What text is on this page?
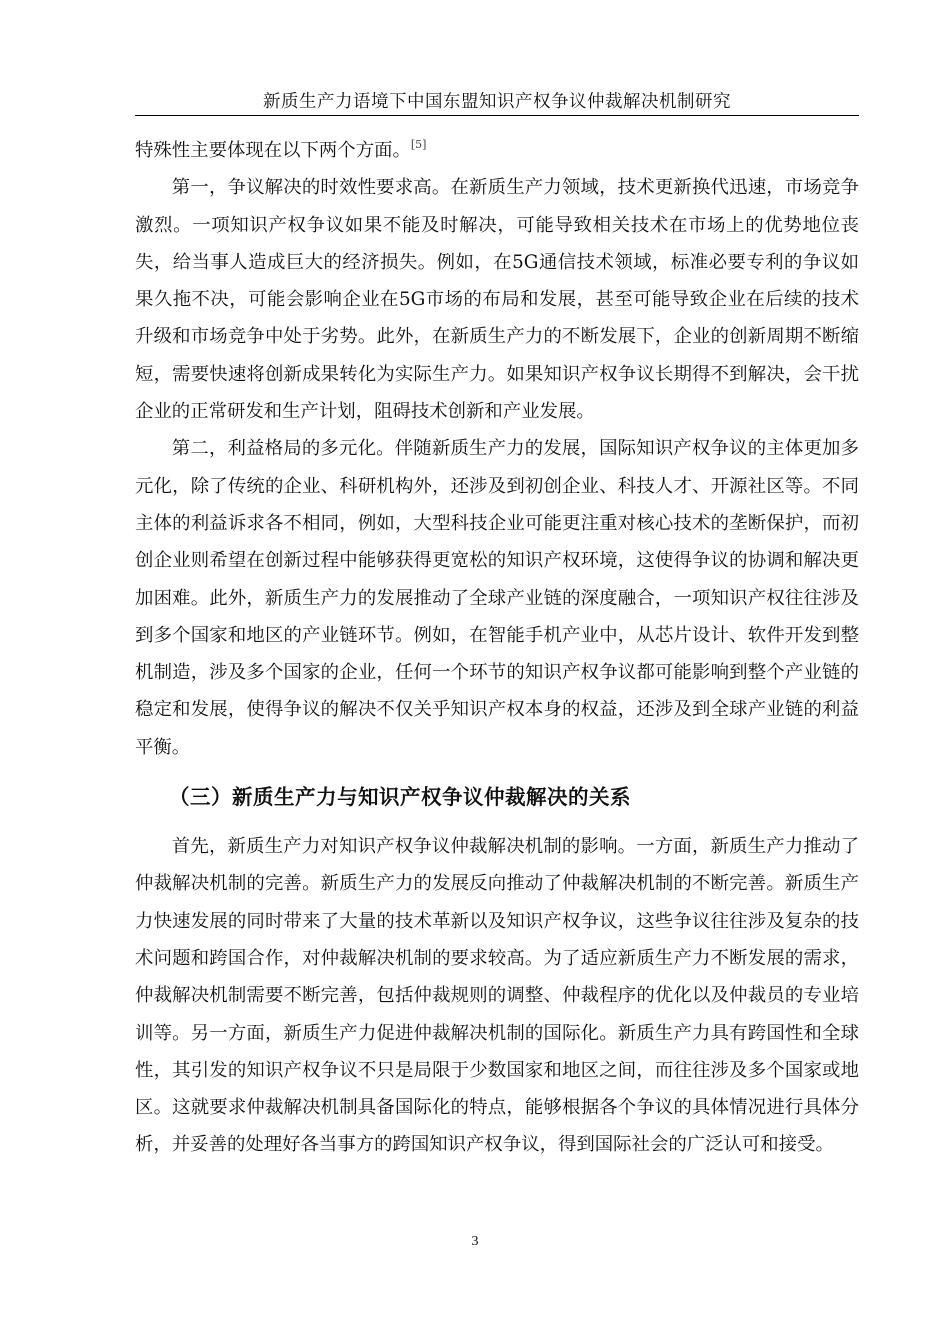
新质生产力语境下中国东盟知识产权争议仲裁解决机制研究

特殊性主要体现在以下两个方面。[5]

第一，争议解决的时效性要求高。在新质生产力领域，技术更新换代迅速，市场竞争激烈。一项知识产权争议如果不能及时解决，可能导致相关技术在市场上的优势地位丧失，给当事人造成巨大的经济损失。例如，在5G通信技术领域，标准必要专利的争议如果久拖不决，可能会影响企业在5G市场的布局和发展，甚至可能导致企业在后续的技术升级和市场竞争中处于劣势。此外，在新质生产力的不断发展下，企业的创新周期不断缩短，需要快速将创新成果转化为实际生产力。如果知识产权争议长期得不到解决，会干扰企业的正常研发和生产计划，阻碍技术创新和产业发展。

第二，利益格局的多元化。伴随新质生产力的发展，国际知识产权争议的主体更加多元化，除了传统的企业、科研机构外，还涉及到初创企业、科技人才、开源社区等。不同主体的利益诉求各不相同，例如，大型科技企业可能更注重对核心技术的垄断保护，而初创企业则希望在创新过程中能够获得更宽松的知识产权环境，这使得争议的协调和解决更加困难。此外，新质生产力的发展推动了全球产业链的深度融合，一项知识产权往往涉及到多个国家和地区的产业链环节。例如，在智能手机产业中，从芯片设计、软件开发到整机制造，涉及多个国家的企业，任何一个环节的知识产权争议都可能影响到整个产业链的稳定和发展，使得争议的解决不仅关乎知识产权本身的权益，还涉及到全球产业链的利益平衡。

（三）新质生产力与知识产权争议仲裁解决的关系

首先，新质生产力对知识产权争议仲裁解决机制的影响。一方面，新质生产力推动了仲裁解决机制的完善。新质生产力的发展反向推动了仲裁解决机制的不断完善。新质生产力快速发展的同时带来了大量的技术革新以及知识产权争议，这些争议往往涉及复杂的技术问题和跨国合作，对仲裁解决机制的要求较高。为了适应新质生产力不断发展的需求，仲裁解决机制需要不断完善，包括仲裁规则的调整、仲裁程序的优化以及仲裁员的专业培训等。另一方面，新质生产力促进仲裁解决机制的国际化。新质生产力具有跨国性和全球性，其引发的知识产权争议不只是局限于少数国家和地区之间，而往往涉及多个国家或地区。这就要求仲裁解决机制具备国际化的特点，能够根据各个争议的具体情况进行具体分析，并妥善的处理好各当事方的跨国知识产权争议，得到国际社会的广泛认可和接受。

3
